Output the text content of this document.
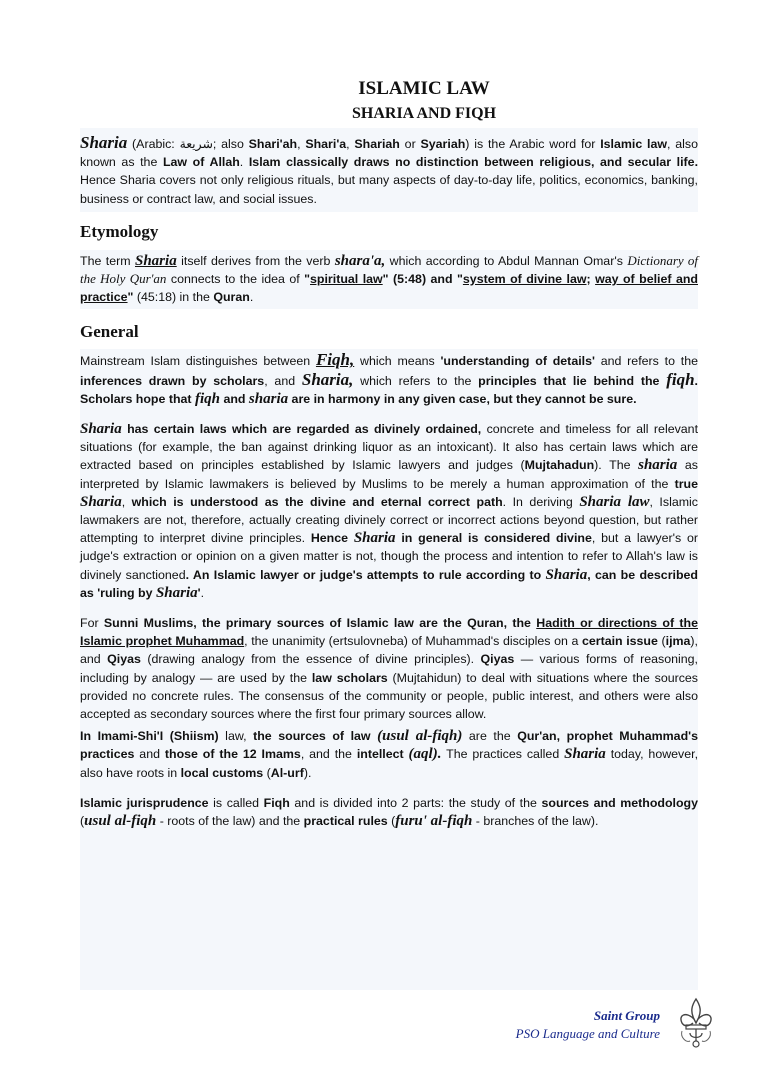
ISLAMIC LAW
SHARIA AND FIQH

Sharia (Arabic: شريعة; also Shari'ah, Shari'a, Shariah or Syariah) is the Arabic word for Islamic law, also known as the Law of Allah. Islam classically draws no distinction between religious, and secular life. Hence Sharia covers not only religious rituals, but many aspects of day-to-day life, politics, economics, banking, business or contract law, and social issues.

Etymology

The term Sharia itself derives from the verb shara'a, which according to Abdul Mannan Omar's Dictionary of the Holy Qur'an connects to the idea of "spiritual law" (5:48) and "system of divine law; way of belief and practice" (45:18) in the Quran.

General

Mainstream Islam distinguishes between Fiqh, which means 'understanding of details' and refers to the inferences drawn by scholars, and Sharia, which refers to the principles that lie behind the fiqh. Scholars hope that fiqh and sharia are in harmony in any given case, but they cannot be sure.

Sharia has certain laws which are regarded as divinely ordained, concrete and timeless for all relevant situations (for example, the ban against drinking liquor as an intoxicant). It also has certain laws which are extracted based on principles established by Islamic lawyers and judges (Mujtahadun). The sharia as interpreted by Islamic lawmakers is believed by Muslims to be merely a human approximation of the true Sharia, which is understood as the divine and eternal correct path. In deriving Sharia law, Islamic lawmakers are not, therefore, actually creating divinely correct or incorrect actions beyond question, but rather attempting to interpret divine principles. Hence Sharia in general is considered divine, but a lawyer's or judge's extraction or opinion on a given matter is not, though the process and intention to refer to Allah's law is divinely sanctioned. An Islamic lawyer or judge's attempts to rule according to Sharia, can be described as 'ruling by Sharia'.

For Sunni Muslims, the primary sources of Islamic law are the Quran, the Hadith or directions of the Islamic prophet Muhammad, the unanimity (ertsulovneba) of Muhammad's disciples on a certain issue (ijma), and Qiyas (drawing analogy from the essence of divine principles). Qiyas — various forms of reasoning, including by analogy — are used by the law scholars (Mujtahidun) to deal with situations where the sources provided no concrete rules. The consensus of the community or people, public interest, and others were also accepted as secondary sources where the first four primary sources allow.

In Imami-Shi'I (Shiism) law, the sources of law (usul al-fiqh) are the Qur'an, prophet Muhammad's practices and those of the 12 Imams, and the intellect (aql). The practices called Sharia today, however, also have roots in local customs (Al-urf).

Islamic jurisprudence is called Fiqh and is divided into 2 parts: the study of the sources and methodology (usul al-fiqh - roots of the law) and the practical rules (furu' al-fiqh - branches of the law).

Saint Group
PSO Language and Culture
